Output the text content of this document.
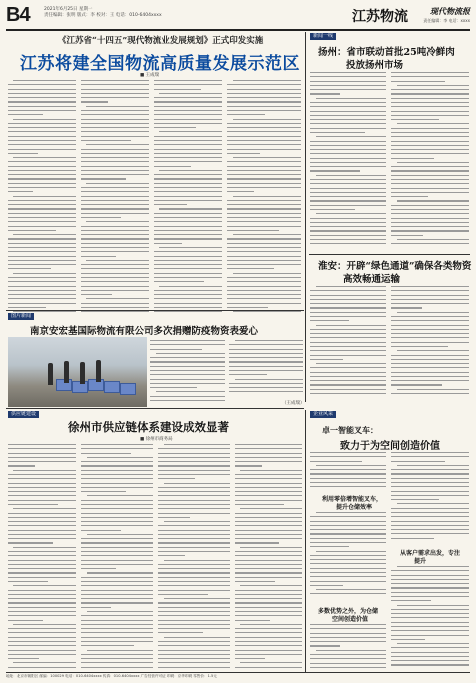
B4	2021年6月25日 星期一
责任编辑：张明 版式：李 校对：王 电话：010-6404xxxx	江苏物流	现代物流报
责任编辑：李 电话：xxxx
《江苏省“十四五”现代物流业发展规划》正式印发实施
江苏将建全国物流高质量发展示范区
■ 王成瑞
新闻一线
扬州：省市联动首批25吨冷鲜肉
投放扬州市场
淮安：开辟“绿色通道”确保各类物资
高效畅通运输
图片新闻
南京安宏基国际物流有限公司多次捐赠防疫物资表爱心
（王成瑞）
供应链建设
徐州市供应链体系建设成效显著
■ 徐州市商务局
企业风采
卓一智能叉车：
致力于为空间创造价值
利用零倍增智能叉车，
提升仓储效率
多数优势之外，为仓储
空间创造价值
从客户需求出发，专注
提升
地址：北京市朝阳区 邮编：100029 电话：010-6404xxxx 传真：010-6404xxxx 广告经营许可证 印刷：京华印刷 零售价：1.5元
